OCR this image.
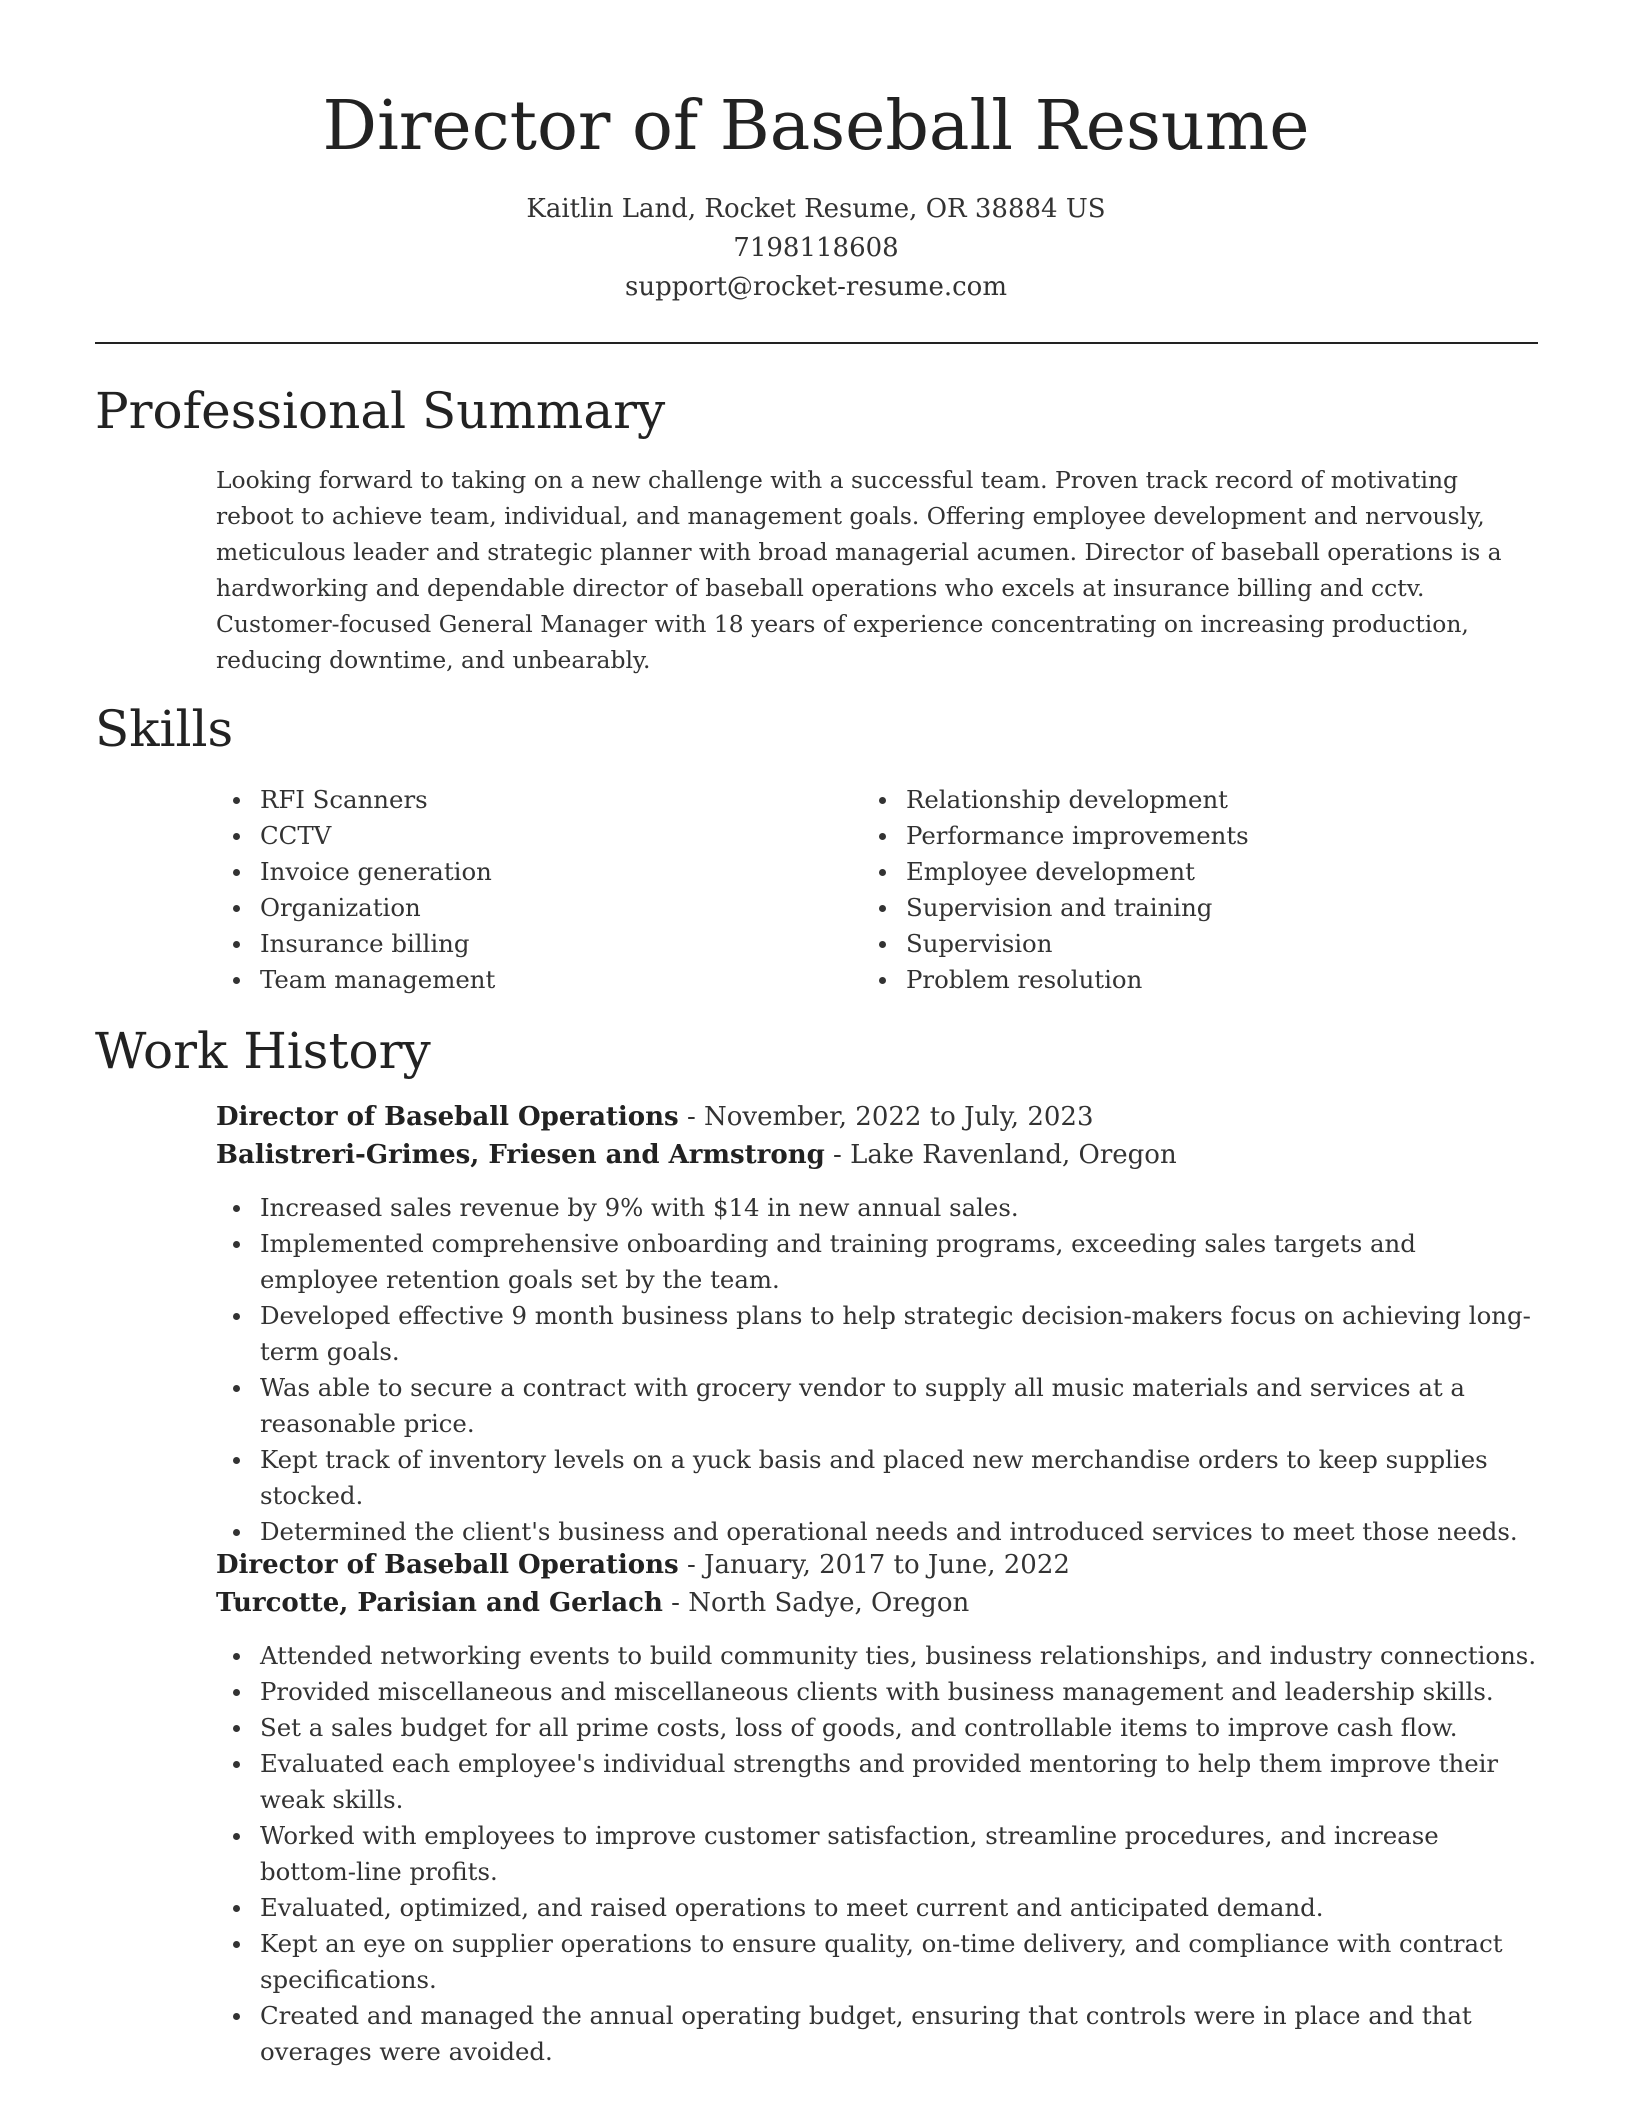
Director of Baseball Resume
Kaitlin Land, Rocket Resume, OR 38884 US
7198118608
support@rocket-resume.com
Professional Summary

Looking forward to taking on a new challenge with a successful team. Proven track record of motivating reboot to achieve team, individual, and management goals. Offering employee development and nervously, meticulous leader and strategic planner with broad managerial acumen. Director of baseball operations is a hardworking and dependable director of baseball operations who excels at insurance billing and cctv. Customer-focused General Manager with 18 years of experience concentrating on increasing production, reducing downtime, and unbearably.

Skills
RFI Scanners
CCTV
Invoice generation
Organization
Insurance billing
Team management
Relationship development
Performance improvements
Employee development
Supervision and training
Supervision
Problem resolution
Work History
Director of Baseball Operations - November, 2022 to July, 2023
Balistreri-Grimes, Friesen and Armstrong - Lake Ravenland, Oregon
Increased sales revenue by 9% with $14 in new annual sales.
Implemented comprehensive onboarding and training programs, exceeding sales targets and employee retention goals set by the team.
Developed effective 9 month business plans to help strategic decision-makers focus on achieving long-term goals.
Was able to secure a contract with grocery vendor to supply all music materials and services at a reasonable price.
Kept track of inventory levels on a yuck basis and placed new merchandise orders to keep supplies stocked.
Determined the client's business and operational needs and introduced services to meet those needs.
Director of Baseball Operations - January, 2017 to June, 2022
Turcotte, Parisian and Gerlach - North Sadye, Oregon
Attended networking events to build community ties, business relationships, and industry connections.
Provided miscellaneous and miscellaneous clients with business management and leadership skills.
Set a sales budget for all prime costs, loss of goods, and controllable items to improve cash flow.
Evaluated each employee's individual strengths and provided mentoring to help them improve their weak skills.
Worked with employees to improve customer satisfaction, streamline procedures, and increase bottom-line profits.
Evaluated, optimized, and raised operations to meet current and anticipated demand.
Kept an eye on supplier operations to ensure quality, on-time delivery, and compliance with contract specifications.
Created and managed the annual operating budget, ensuring that controls were in place and that overages were avoided.
